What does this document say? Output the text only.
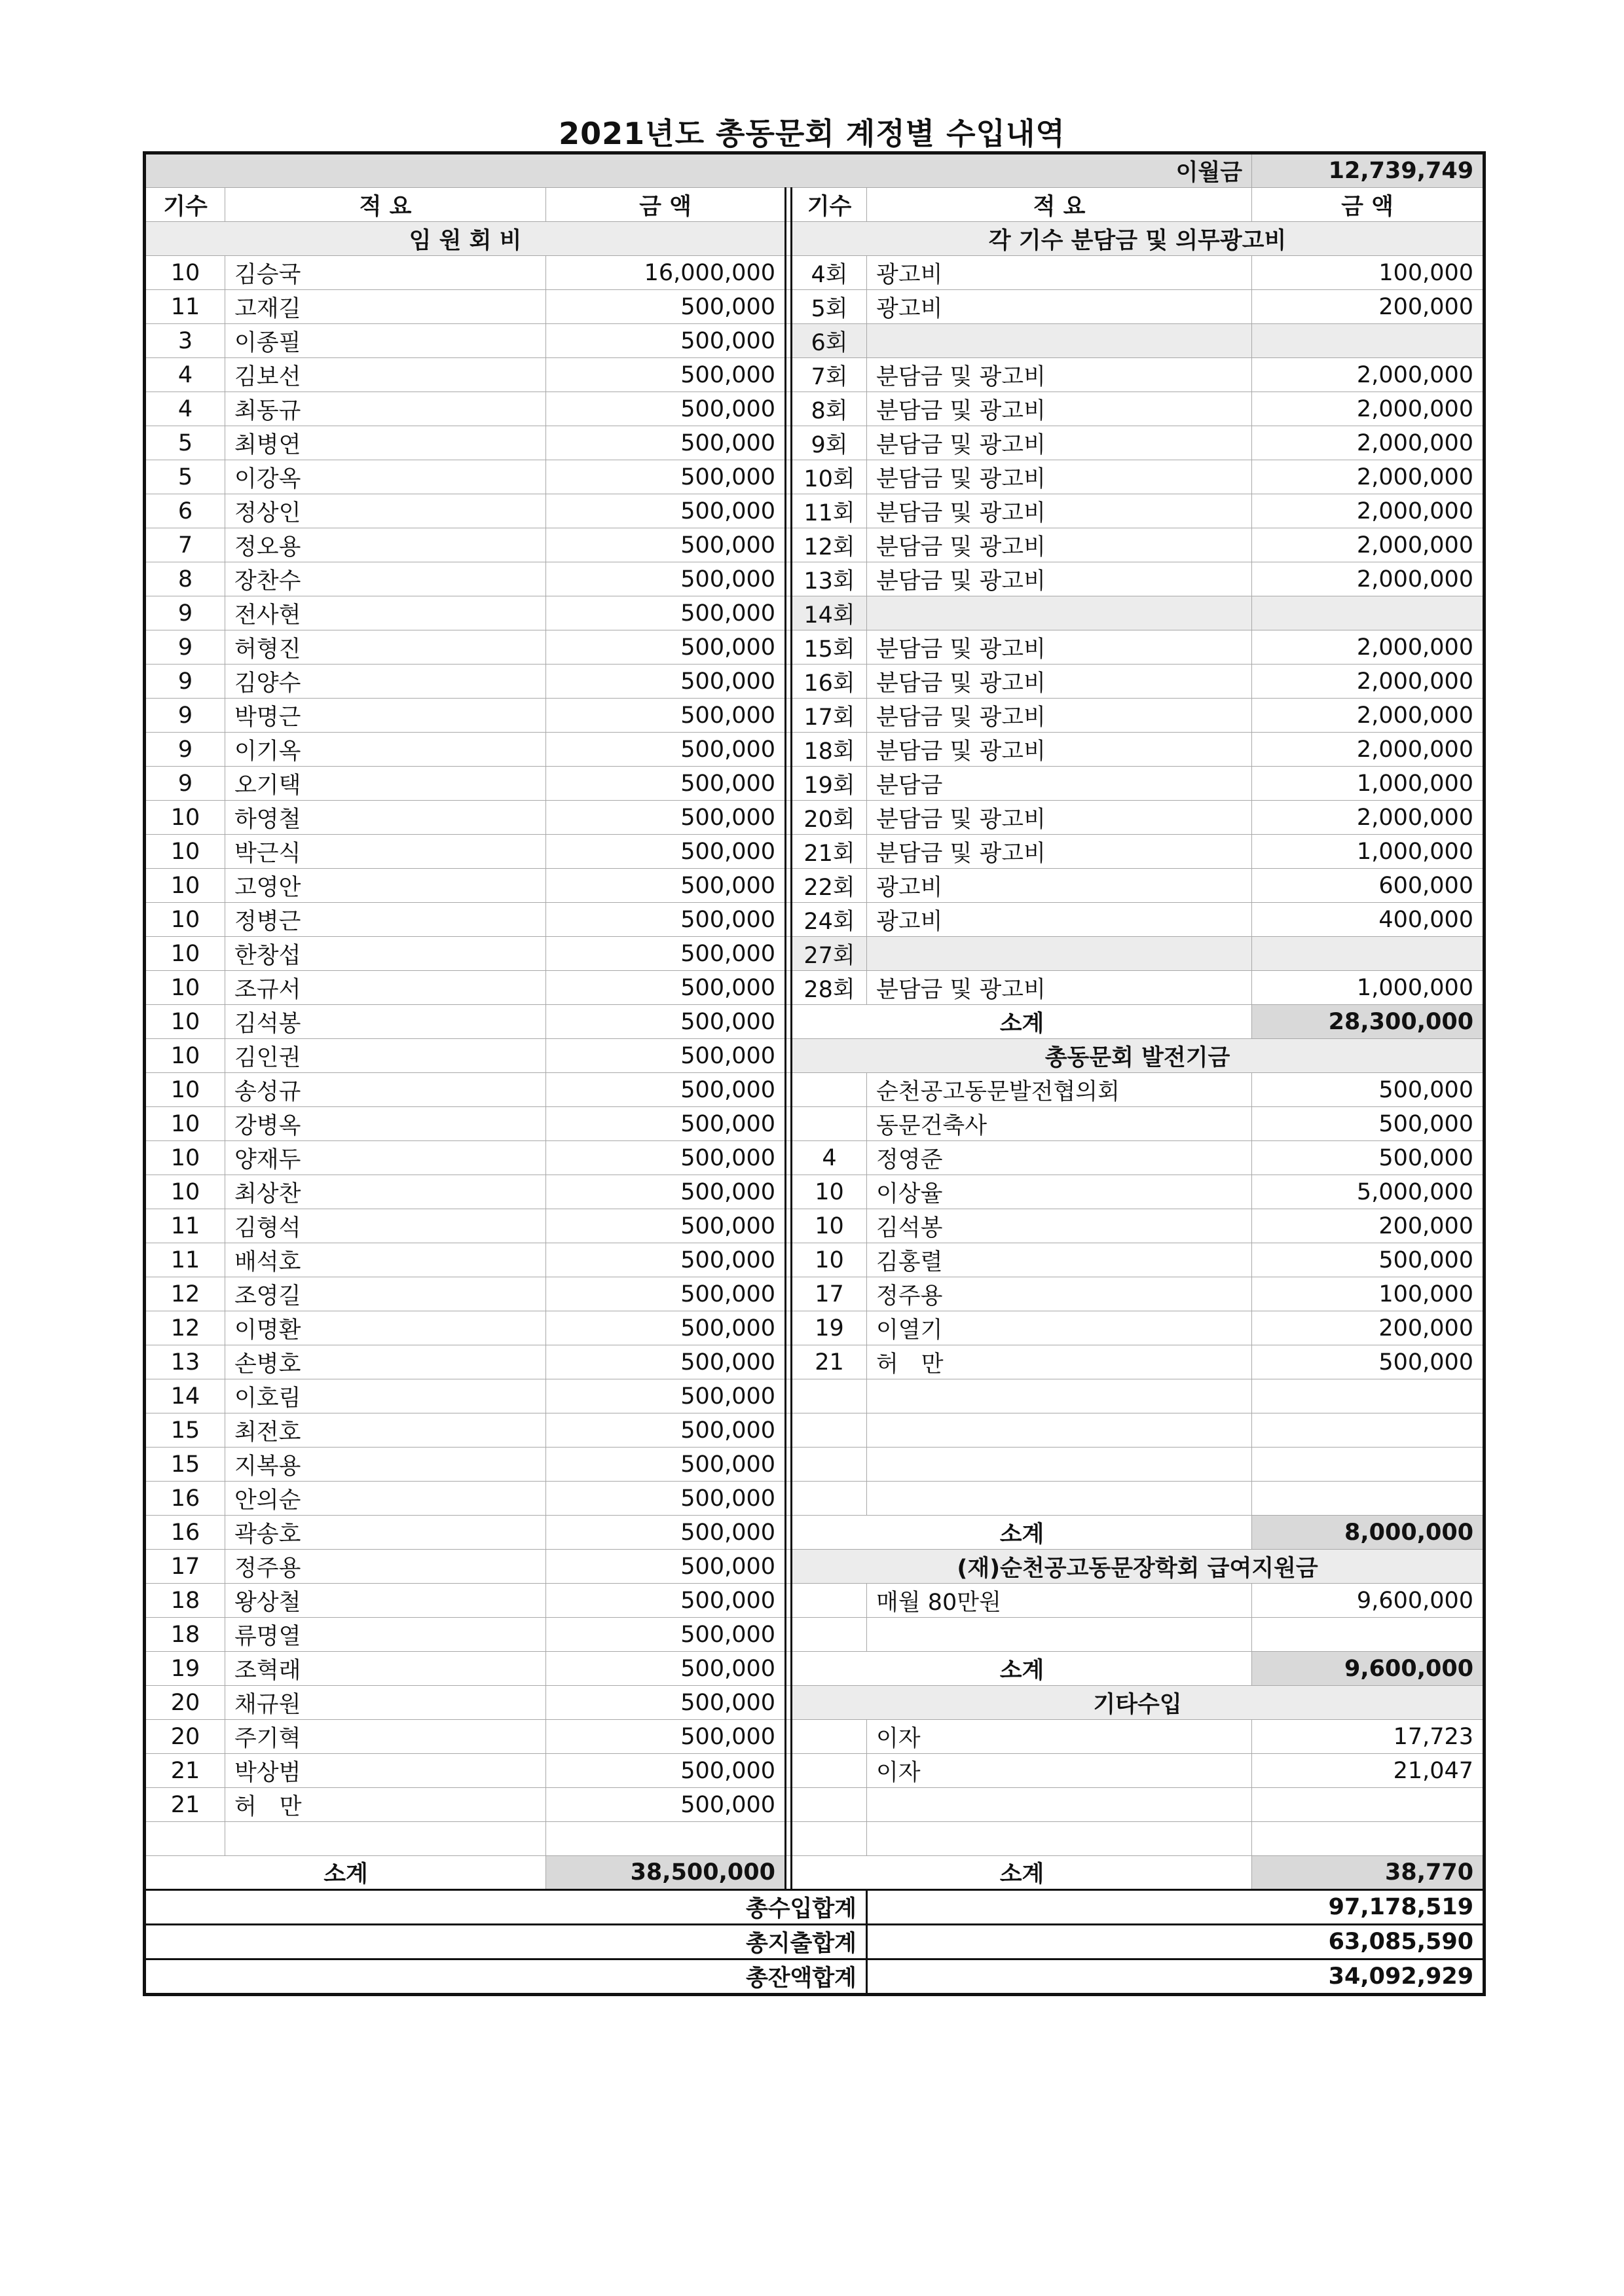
2021년도 총동문회 계정별 수입내역
이월금						12,739,749
기수	적 요	금 액		기수	적 요	금 액
임 원 회 비				각 기수 분담금 및 의무광고비		
10	김승국	16,000,000		4회	광고비	100,000
11	고재길	500,000		5회	광고비	200,000
3	이종필	500,000		6회		
4	김보선	500,000		7회	분담금 및 광고비	2,000,000
4	최동규	500,000		8회	분담금 및 광고비	2,000,000
5	최병연	500,000		9회	분담금 및 광고비	2,000,000
5	이강옥	500,000		10회	분담금 및 광고비	2,000,000
6	정상인	500,000		11회	분담금 및 광고비	2,000,000
7	정오용	500,000		12회	분담금 및 광고비	2,000,000
8	장찬수	500,000		13회	분담금 및 광고비	2,000,000
9	전사현	500,000		14회		
9	허형진	500,000		15회	분담금 및 광고비	2,000,000
9	김양수	500,000		16회	분담금 및 광고비	2,000,000
9	박명근	500,000		17회	분담금 및 광고비	2,000,000
9	이기옥	500,000		18회	분담금 및 광고비	2,000,000
9	오기택	500,000		19회	분담금	1,000,000
10	하영철	500,000		20회	분담금 및 광고비	2,000,000
10	박근식	500,000		21회	분담금 및 광고비	1,000,000
10	고영안	500,000		22회	광고비	600,000
10	정병근	500,000		24회	광고비	400,000
10	한창섭	500,000		27회		
10	조규서	500,000		28회	분담금 및 광고비	1,000,000
10	김석봉	500,000		소계		28,300,000
10	김인권	500,000		총동문회 발전기금		
10	송성규	500,000			순천공고동문발전협의회	500,000
10	강병옥	500,000			동문건축사	500,000
10	양재두	500,000		4	정영준	500,000
10	최상찬	500,000		10	이상율	5,000,000
11	김형석	500,000		10	김석봉	200,000
11	배석호	500,000		10	김홍렬	500,000
12	조영길	500,000		17	정주용	100,000
12	이명환	500,000		19	이열기	200,000
13	손병호	500,000		21	허　만	500,000
14	이호림	500,000				
15	최전호	500,000				
15	지복용	500,000				
16	안의순	500,000				
16	곽송호	500,000		소계		8,000,000
17	정주용	500,000		(재)순천공고동문장학회 급여지원금		
18	왕상철	500,000			매월 80만원	9,600,000
18	류명열	500,000				
19	조혁래	500,000		소계		9,600,000
20	채규원	500,000		기타수입		
20	주기혁	500,000			이자	17,723
21	박상범	500,000			이자	21,047
21	허　만	500,000				

소계		38,500,000		소계		38,770
총수입합계					97,178,519	
총지출합계					63,085,590	
총잔액합계					34,092,929	
